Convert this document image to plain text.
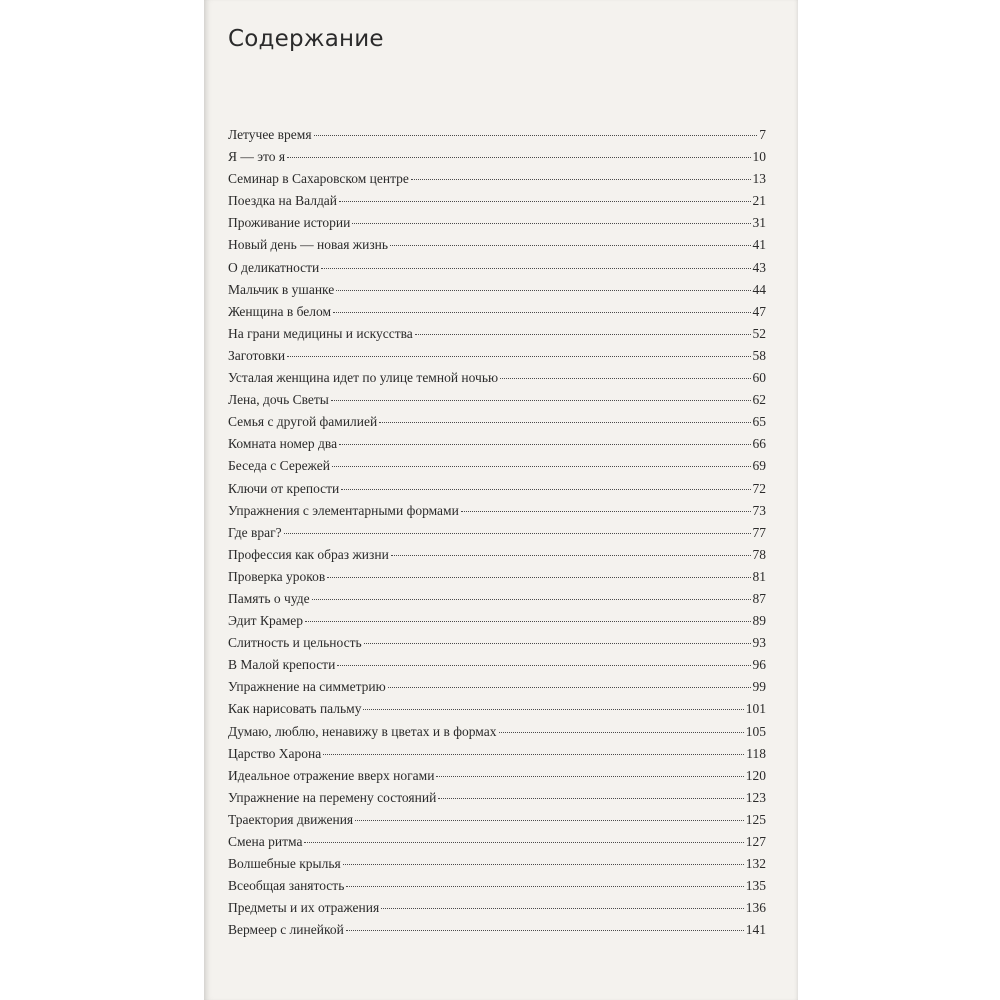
Содержание
Летучее время	7
Я — это я	10
Семинар в Сахаровском центре	13
Поездка на Валдай	21
Проживание истории	31
Новый день — новая жизнь	41
О деликатности	43
Мальчик в ушанке	44
Женщина в белом	47
На грани медицины и искусства	52
Заготовки	58
Усталая женщина идет по улице темной ночью	60
Лена, дочь Светы	62
Семья с другой фамилией	65
Комната номер два	66
Беседа с Сережей	69
Ключи от крепости	72
Упражнения с элементарными формами	73
Где враг?	77
Профессия как образ жизни	78
Проверка уроков	81
Память о чуде	87
Эдит Крамер	89
Слитность и цельность	93
В Малой крепости	96
Упражнение на симметрию	99
Как нарисовать пальму	101
Думаю, люблю, ненавижу в цветах и в формах	105
Царство Харона	118
Идеальное отражение вверх ногами	120
Упражнение на перемену состояний	123
Траектория движения	125
Смена ритма	127
Волшебные крылья	132
Всеобщая занятость	135
Предметы и их отражения	136
Вермеер с линейкой	141
